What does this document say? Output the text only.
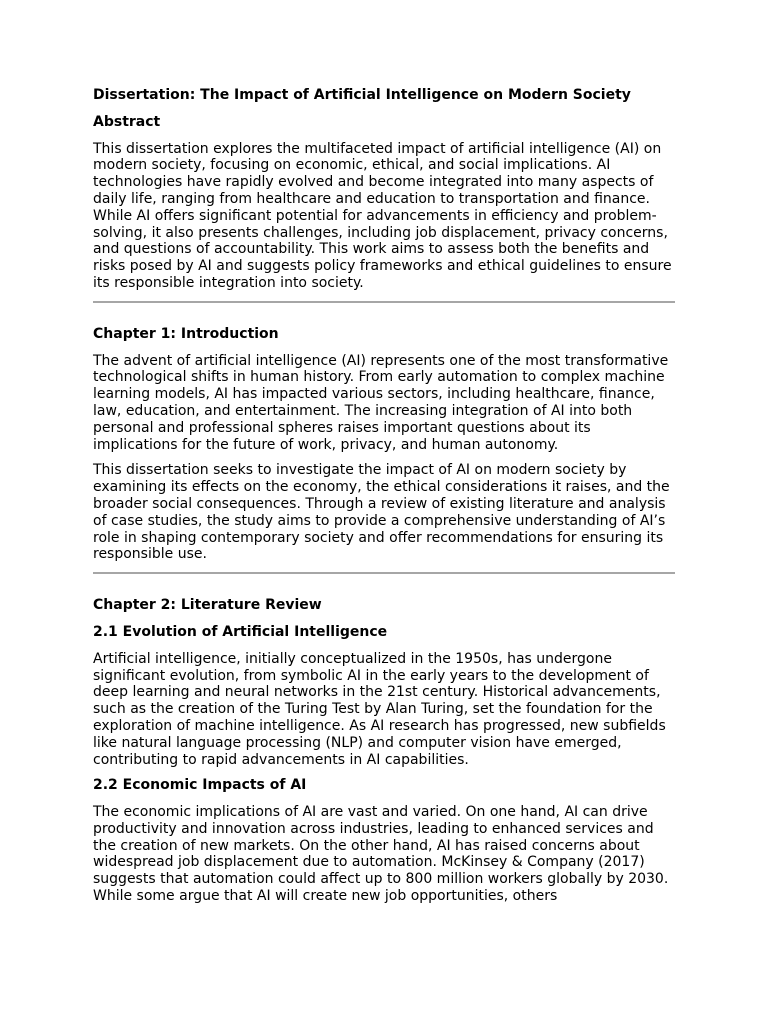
Dissertation: The Impact of Artificial Intelligence on Modern Society
Abstract

This dissertation explores the multifaceted impact of artificial intelligence (AI) on modern society, focusing on economic, ethical, and social implications. AI technologies have rapidly evolved and become integrated into many aspects of daily life, ranging from healthcare and education to transportation and finance. While AI offers significant potential for advancements in efficiency and problem-solving, it also presents challenges, including job displacement, privacy concerns, and questions of accountability. This work aims to assess both the benefits and risks posed by AI and suggests policy frameworks and ethical guidelines to ensure its responsible integration into society.

Chapter 1: Introduction

The advent of artificial intelligence (AI) represents one of the most transformative technological shifts in human history. From early automation to complex machine learning models, AI has impacted various sectors, including healthcare, finance, law, education, and entertainment. The increasing integration of AI into both personal and professional spheres raises important questions about its implications for the future of work, privacy, and human autonomy.

This dissertation seeks to investigate the impact of AI on modern society by examining its effects on the economy, the ethical considerations it raises, and the broader social consequences. Through a review of existing literature and analysis of case studies, the study aims to provide a comprehensive understanding of AI’s role in shaping contemporary society and offer recommendations for ensuring its responsible use.

Chapter 2: Literature Review
2.1 Evolution of Artificial Intelligence

Artificial intelligence, initially conceptualized in the 1950s, has undergone significant evolution, from symbolic AI in the early years to the development of deep learning and neural networks in the 21st century. Historical advancements, such as the creation of the Turing Test by Alan Turing, set the foundation for the exploration of machine intelligence. As AI research has progressed, new subfields like natural language processing (NLP) and computer vision have emerged, contributing to rapid advancements in AI capabilities.

2.2 Economic Impacts of AI

The economic implications of AI are vast and varied. On one hand, AI can drive productivity and innovation across industries, leading to enhanced services and the creation of new markets. On the other hand, AI has raised concerns about widespread job displacement due to automation. McKinsey & Company (2017) suggests that automation could affect up to 800 million workers globally by 2030. While some argue that AI will create new job opportunities, others
